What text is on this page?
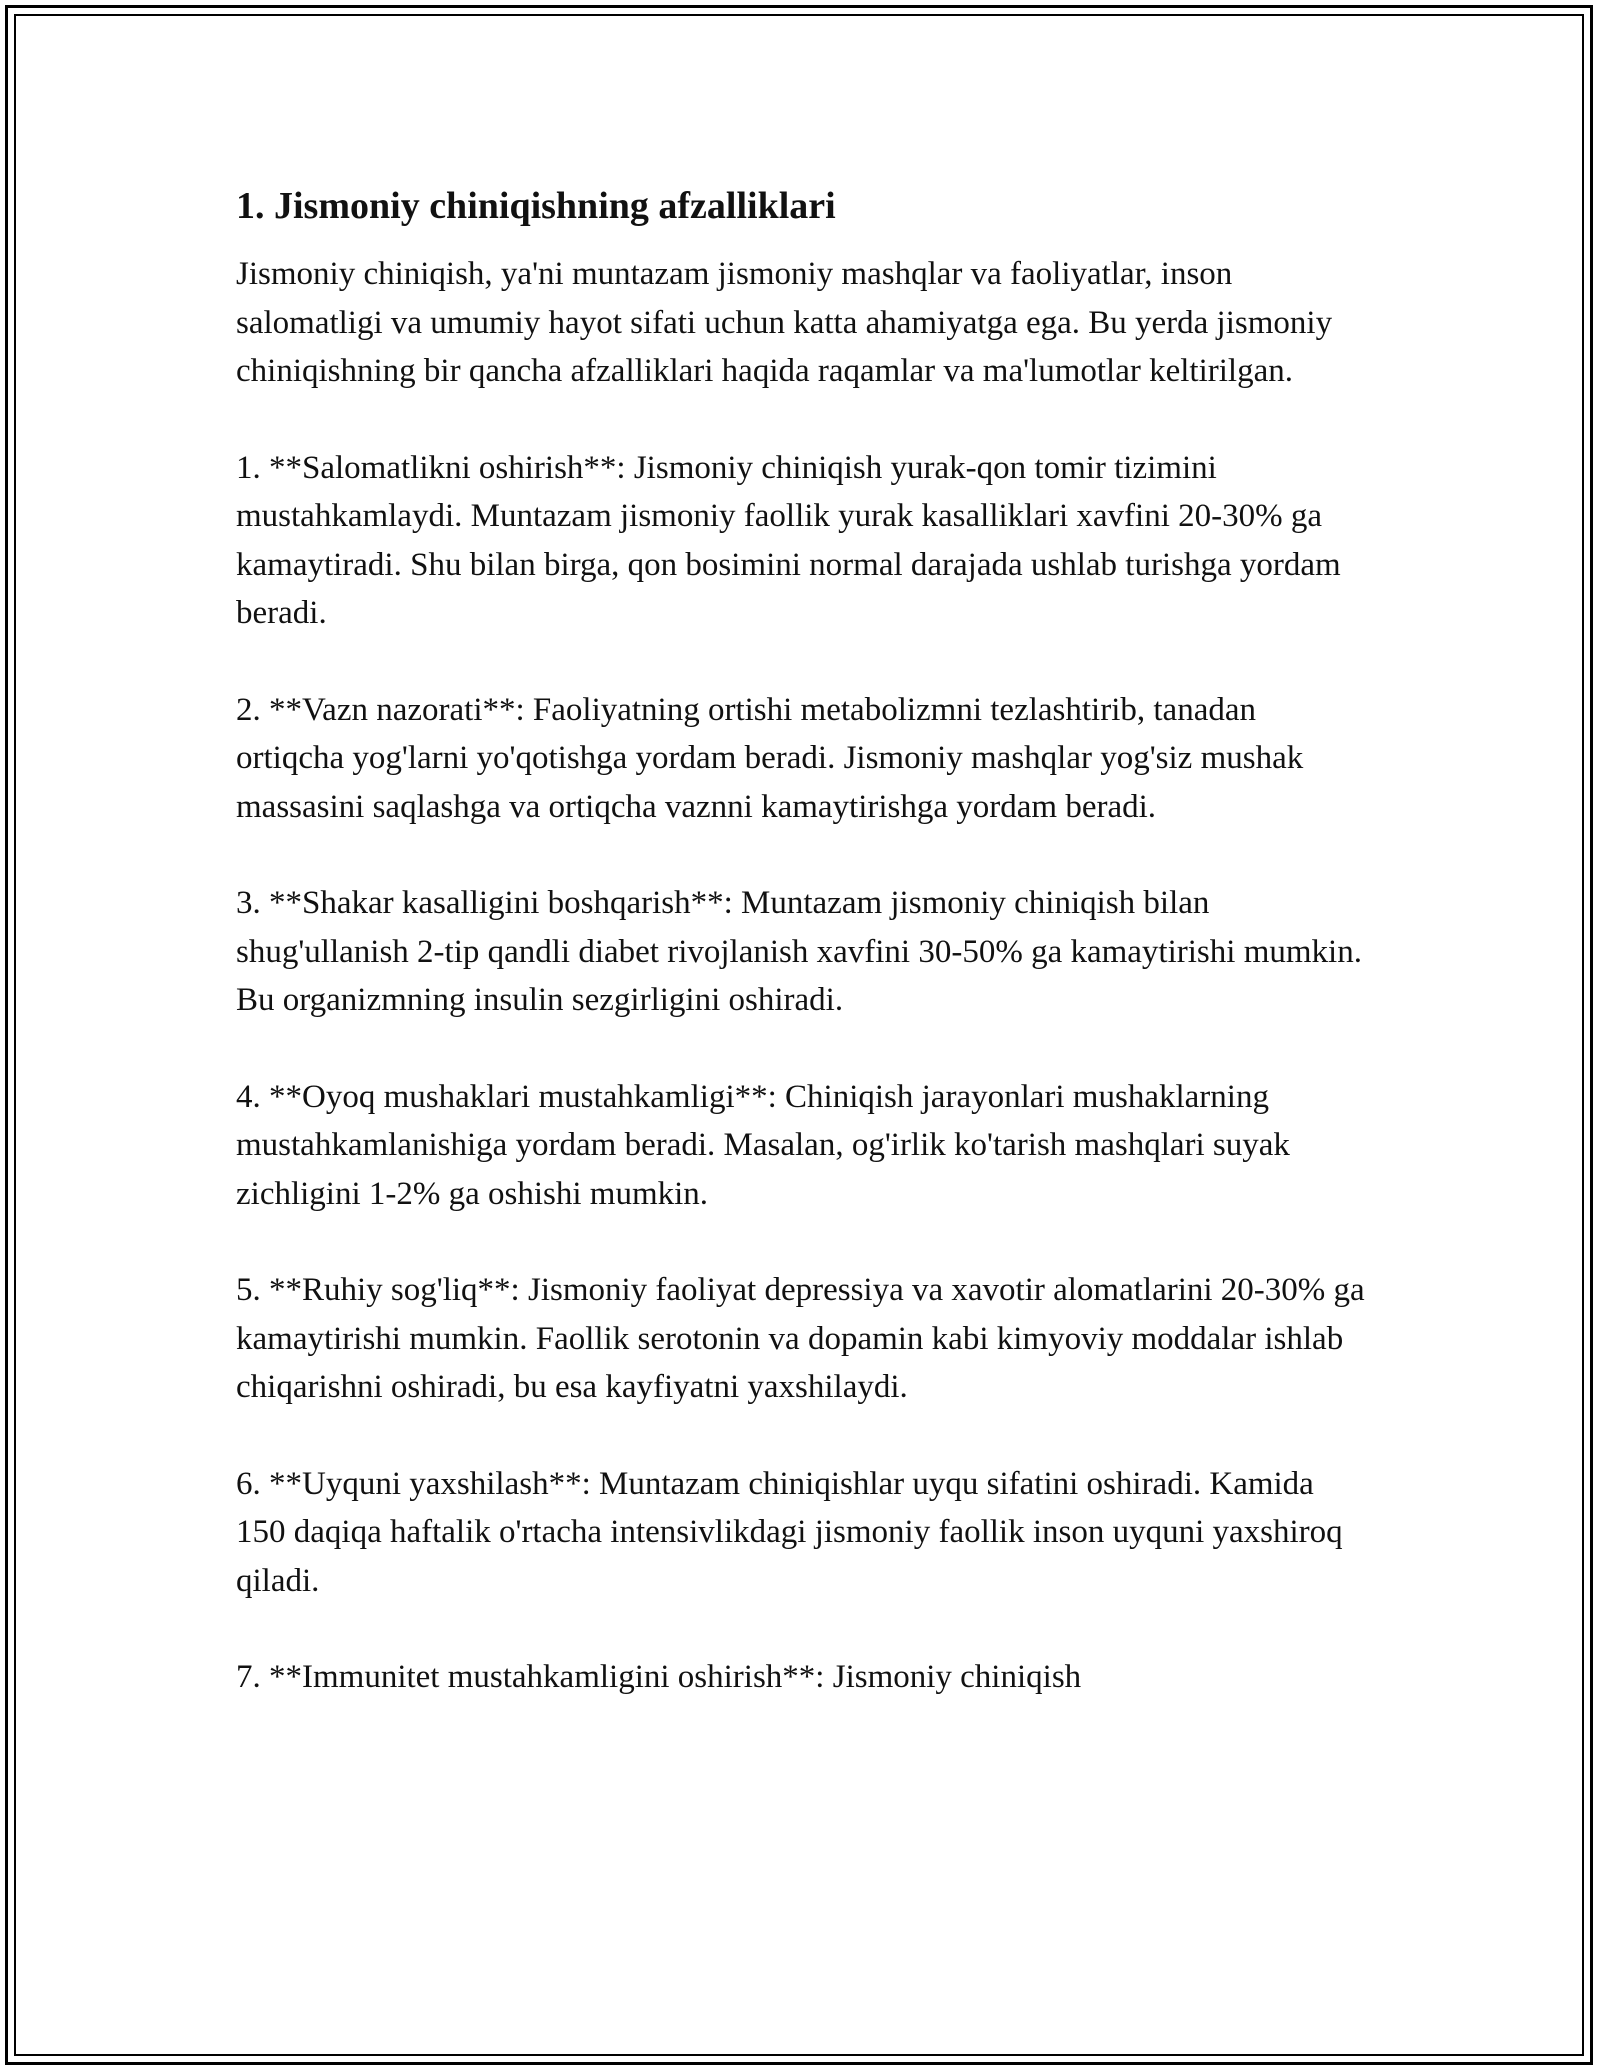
1. Jismoniy chiniqishning afzalliklari

Jismoniy chiniqish, ya'ni muntazam jismoniy mashqlar va faoliyatlar, inson salomatligi va umumiy hayot sifati uchun katta ahamiyatga ega. Bu yerda jismoniy chiniqishning bir qancha afzalliklari haqida raqamlar va ma'lumotlar keltirilgan.

1. **Salomatlikni oshirish**: Jismoniy chiniqish yurak-qon tomir tizimini mustahkamlaydi. Muntazam jismoniy faollik yurak kasalliklari xavfini 20-30% ga kamaytiradi. Shu bilan birga, qon bosimini normal darajada ushlab turishga yordam beradi.

2. **Vazn nazorati**: Faoliyatning ortishi metabolizmni tezlashtirib, tanadan ortiqcha yog'larni yo'qotishga yordam beradi. Jismoniy mashqlar yog'siz mushak massasini saqlashga va ortiqcha vaznni kamaytirishga yordam beradi.

3. **Shakar kasalligini boshqarish**: Muntazam jismoniy chiniqish bilan shug'ullanish 2-tip qandli diabet rivojlanish xavfini 30-50% ga kamaytirishi mumkin. Bu organizmning insulin sezgirligini oshiradi.

4. **Oyoq mushaklari mustahkamligi**: Chiniqish jarayonlari mushaklarning mustahkamlanishiga yordam beradi. Masalan, og'irlik ko'tarish mashqlari suyak zichligini 1-2% ga oshishi mumkin.

5. **Ruhiy sog'liq**: Jismoniy faoliyat depressiya va xavotir alomatlarini 20-30% ga kamaytirishi mumkin. Faollik serotonin va dopamin kabi kimyoviy moddalar ishlab chiqarishni oshiradi, bu esa kayfiyatni yaxshilaydi.

6. **Uyquni yaxshilash**: Muntazam chiniqishlar uyqu sifatini oshiradi. Kamida 150 daqiqa haftalik o'rtacha intensivlikdagi jismoniy faollik inson uyquni yaxshiroq qiladi.

7. **Immunitet mustahkamligini oshirish**: Jismoniy chiniqish
